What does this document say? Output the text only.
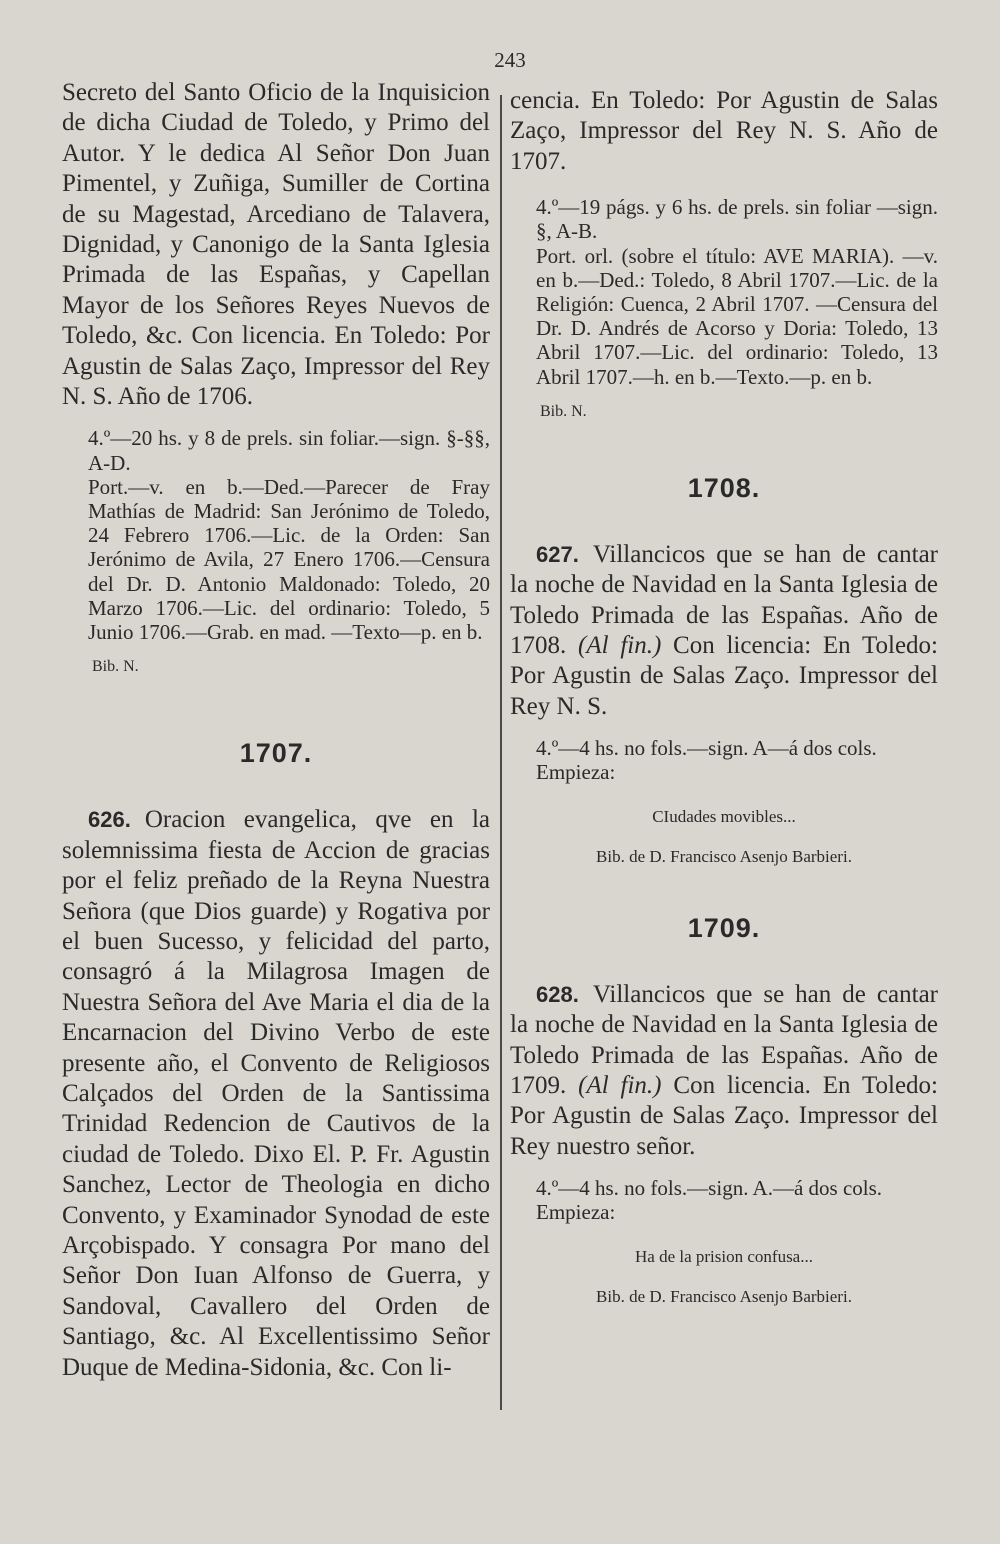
243

Secreto del Santo Oficio de la Inquisicion de dicha Ciudad de Toledo, y Primo del Autor. Y le dedica Al Señor Don Juan Pimentel, y Zuñiga, Sumiller de Cortina de su Magestad, Arcediano de Talavera, Dignidad, y Canonigo de la Santa Iglesia Primada de las Españas, y Capellan Mayor de los Señores Reyes Nuevos de Toledo, &c. Con licencia. En Toledo: Por Agustin de Salas Zaço, Impressor del Rey N. S. Año de 1706.

4.º—20 hs. y 8 de prels. sin foliar.—sign. §-§§, A-D.

Port.—v. en b.—Ded.—Parecer de Fray Mathías de Madrid: San Jerónimo de Toledo, 24 Febrero 1706.—Lic. de la Orden: San Jerónimo de Avila, 27 Enero 1706.—Censura del Dr. D. Antonio Maldonado: Toledo, 20 Marzo 1706.—Lic. del ordinario: Toledo, 5 Junio 1706.—Grab. en mad. —Texto—p. en b.

Bib. N.

1707.

626. Oracion evangelica, qve en la solemnissima fiesta de Accion de gracias por el feliz preñado de la Reyna Nuestra Señora (que Dios guarde) y Rogativa por el buen Sucesso, y felicidad del parto, consagró á la Milagrosa Imagen de Nuestra Señora del Ave Maria el dia de la Encarnacion del Divino Verbo de este presente año, el Convento de Religiosos Calçados del Orden de la Santissima Trinidad Redencion de Cautivos de la ciudad de Toledo. Dixo El. P. Fr. Agustin Sanchez, Lector de Theologia en dicho Convento, y Examinador Synodad de este Arçobispado. Y consagra Por mano del Señor Don Iuan Alfonso de Guerra, y Sandoval, Cavallero del Orden de Santiago, &c. Al Excellentissimo Señor Duque de Medina-Sidonia, &c. Con li-

cencia. En Toledo: Por Agustin de Salas Zaço, Impressor del Rey N. S. Año de 1707.

4.º—19 págs. y 6 hs. de prels. sin foliar —sign. §, A-B.

Port. orl. (sobre el título: AVE MARIA). —v. en b.—Ded.: Toledo, 8 Abril 1707.—Lic. de la Religión: Cuenca, 2 Abril 1707. —Censura del Dr. D. Andrés de Acorso y Doria: Toledo, 13 Abril 1707.—Lic. del ordinario: Toledo, 13 Abril 1707.—h. en b.—Texto.—p. en b.

Bib. N.

1708.

627. Villancicos que se han de cantar la noche de Navidad en la Santa Iglesia de Toledo Primada de las Españas. Año de 1708. (Al fin.) Con licencia: En Toledo: Por Agustin de Salas Zaço. Impressor del Rey N. S.

4.º—4 hs. no fols.—sign. A—á dos cols.

Empieza:

CIudades movibles...

Bib. de D. Francisco Asenjo Barbieri.

1709.

628. Villancicos que se han de cantar la noche de Navidad en la Santa Iglesia de Toledo Primada de las Españas. Año de 1709. (Al fin.) Con licencia. En Toledo: Por Agustin de Salas Zaço. Impressor del Rey nuestro señor.

4.º—4 hs. no fols.—sign. A.—á dos cols.

Empieza:

Ha de la prision confusa...

Bib. de D. Francisco Asenjo Barbieri.
